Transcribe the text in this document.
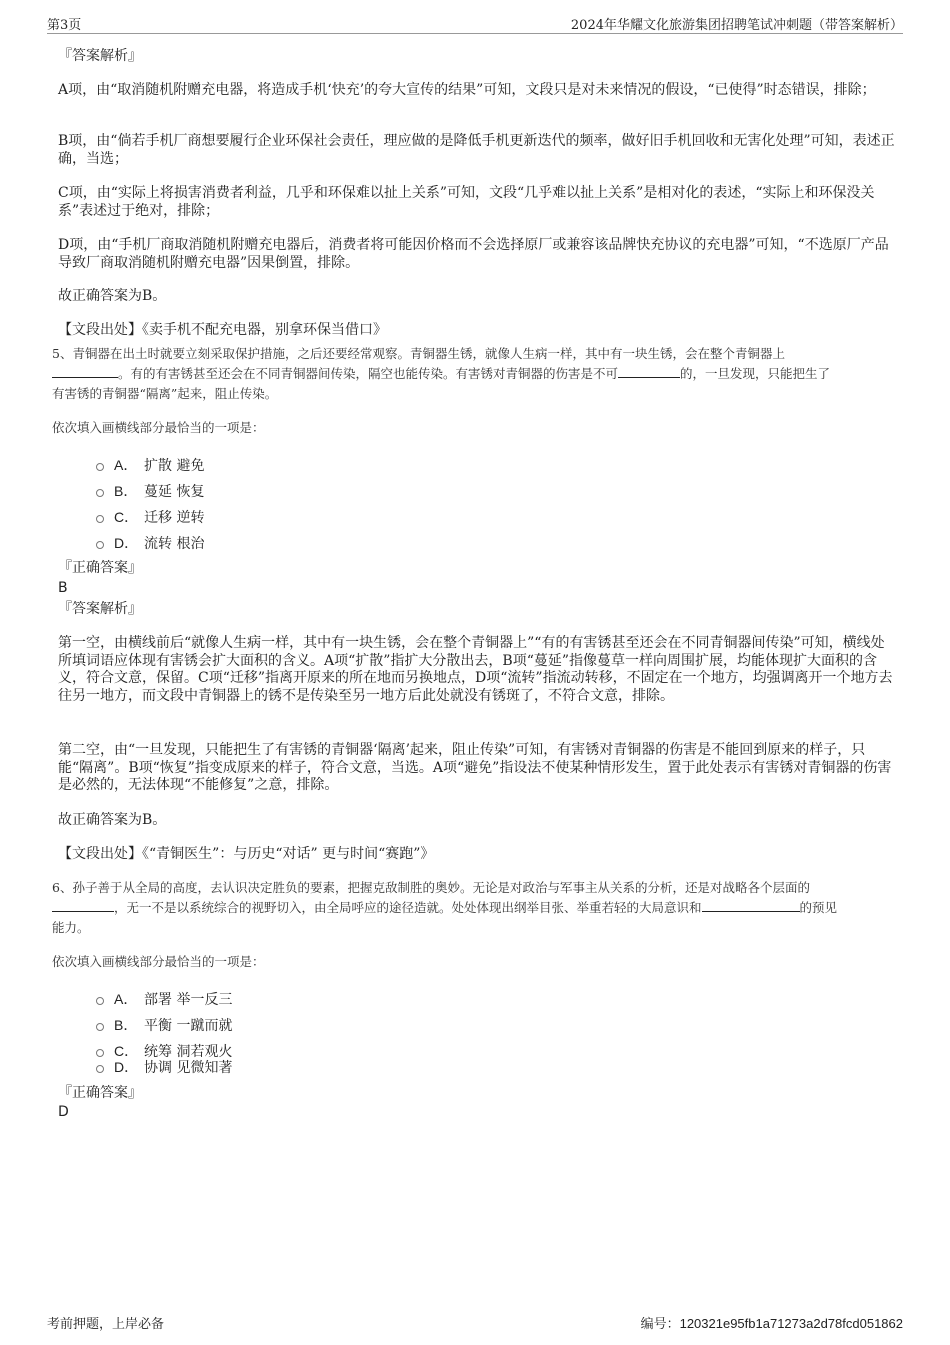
第3页	2024年华耀文化旅游集团招聘笔试冲刺题（带答案解析）
『答案解析』
A项，由“取消随机附赠充电器，将造成手机‘快充’的夸大宣传的结果”可知，文段只是对未来情况的假设，“已使得”时态错误，排除；
B项，由“倘若手机厂商想要履行企业环保社会责任，理应做的是降低手机更新迭代的频率，做好旧手机回收和无害化处理”可知，表述正确，当选；
C项，由“实际上将损害消费者利益，几乎和环保难以扯上关系”可知，文段“几乎难以扯上关系”是相对化的表述，“实际上和环保没关系”表述过于绝对，排除；
D项，由“手机厂商取消随机附赠充电器后，消费者将可能因价格而不会选择原厂或兼容该品牌快充协议的充电器”可知，“不选原厂产品导致厂商取消随机附赠充电器”因果倒置，排除。
故正确答案为B。
【文段出处】《卖手机不配充电器，别拿环保当借口》
5、青铜器在出土时就要立刻采取保护措施，之后还要经常观察。青铜器生锈，就像人生病一样，其中有一块生锈，会在整个青铜器上
。有的有害锈甚至还会在不同青铜器间传染，隔空也能传染。有害锈对青铜器的伤害是不可	的，一旦发现，只能把生了
有害锈的青铜器“隔离”起来，阻止传染。
依次填入画横线部分最恰当的一项是：
A． 扩散 避免
B． 蔓延 恢复
C． 迁移 逆转
D． 流转 根治
『正确答案』
B
『答案解析』
第一空，由横线前后“就像人生病一样，其中有一块生锈，会在整个青铜器上”“有的有害锈甚至还会在不同青铜器间传染”可知，横线处所填词语应体现有害锈会扩大面积的含义。A项“扩散”指扩大分散出去，B项“蔓延”指像蔓草一样向周围扩展，均能体现扩大面积的含义，符合文意，保留。C项“迁移”指离开原来的所在地而另换地点，D项“流转”指流动转移，不固定在一个地方，均强调离开一个地方去往另一地方，而文段中青铜器上的锈不是传染至另一地方后此处就没有锈斑了，不符合文意，排除。
第二空，由“一旦发现，只能把生了有害锈的青铜器‘隔离’起来，阻止传染”可知，有害锈对青铜器的伤害是不能回到原来的样子，只能“隔离”。B项“恢复”指变成原来的样子，符合文意，当选。A项“避免”指设法不使某种情形发生，置于此处表示有害锈对青铜器的伤害是必然的，无法体现“不能修复”之意，排除。
故正确答案为B。
【文段出处】《“青铜医生”：与历史“对话” 更与时间“赛跑”》
6、孙子善于从全局的高度，去认识决定胜负的要素，把握克敌制胜的奥妙。无论是对政治与军事主从关系的分析，还是对战略各个层面的
，无一不是以系统综合的视野切入，由全局呼应的途径造就。处处体现出纲举目张、举重若轻的大局意识和	的预见
能力。
依次填入画横线部分最恰当的一项是：
A． 部署 举一反三
B． 平衡 一蹴而就
C． 统筹 洞若观火
D． 协调 见微知著
『正确答案』
D
考前押题，上岸必备	编号：120321e95fb1a71273a2d78fcd051862
